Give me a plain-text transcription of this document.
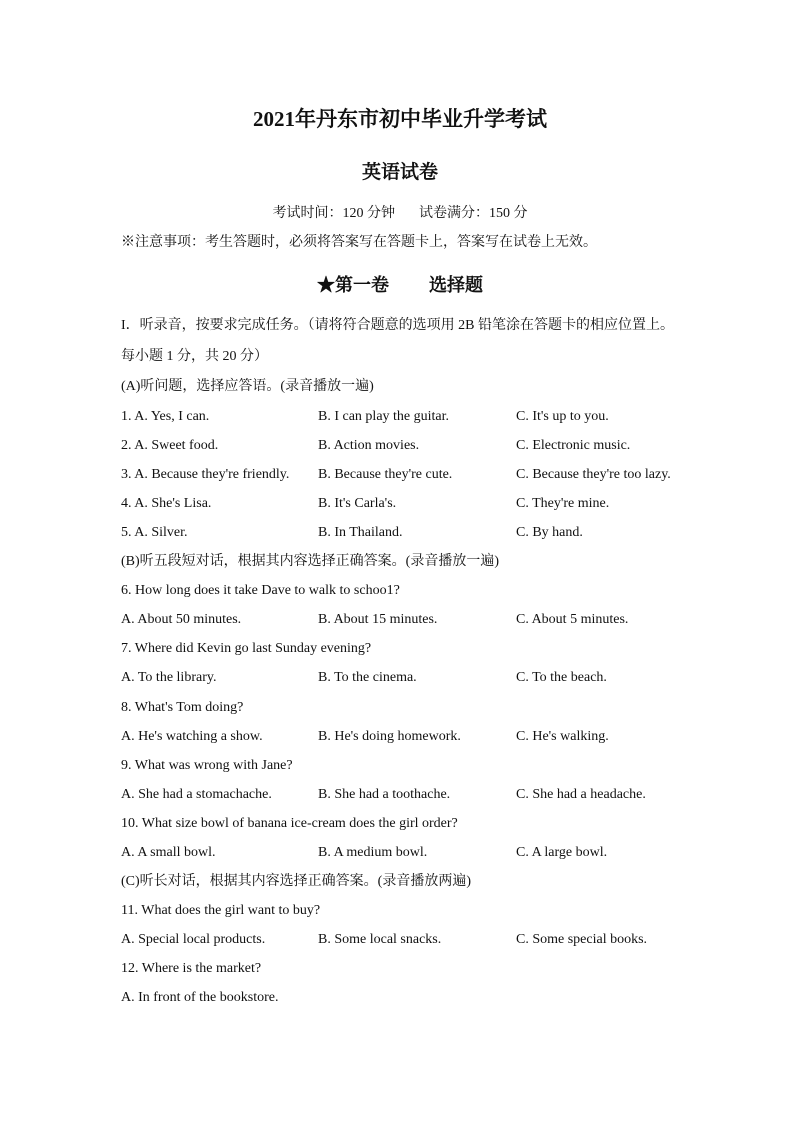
2021年丹东市初中毕业升学考试
英语试卷
考试时间：120 分钟 试卷满分：150 分
※注意事项：考生答题时，必须将答案写在答题卡上，答案写在试卷上无效。
★第一卷 选择题
I．听录音，按要求完成任务。（请将符合题意的选项用 2B 铅笔涂在答题卡的相应位置上。
每小题 1 分，共 20 分）
(A)听问题，选择应答语。(录音播放一遍)
1. A. Yes, I can.	B. I can play the guitar.	C. It's up to you.
2. A. Sweet food.	B. Action movies.	C. Electronic music.
3. A. Because they're friendly. B. Because they're cute.	C. Because they're too lazy.
4. A. She's Lisa.	B. It's Carla's.	C. They're mine.
5. A. Silver.	B. In Thailand.	C. By hand.
(B)听五段短对话，根据其内容选择正确答案。(录音播放一遍)
6. How long does it take Dave to walk to schoo1?
A. About 50 minutes.	B. About 15 minutes.	C. About 5 minutes.
7. Where did Kevin go last Sunday evening?
A. To the library.	B. To the cinema.	C. To the beach.
8. What's Tom doing?
A. He's watching a show.	B. He's doing homework.	C. He's walking.
9. What was wrong with Jane?
A. She had a stomachache.	B. She had a toothache.	C. She had a headache.
10. What size bowl of banana ice-cream does the girl order?
A. A small bowl.	B. A medium bowl.	C. A large bowl.
(C)听长对话，根据其内容选择正确答案。(录音播放两遍)
11. What does the girl want to buy?
A. Special local products.	B. Some local snacks.	C. Some special books.
12. Where is the market?
A. In front of the bookstore.
